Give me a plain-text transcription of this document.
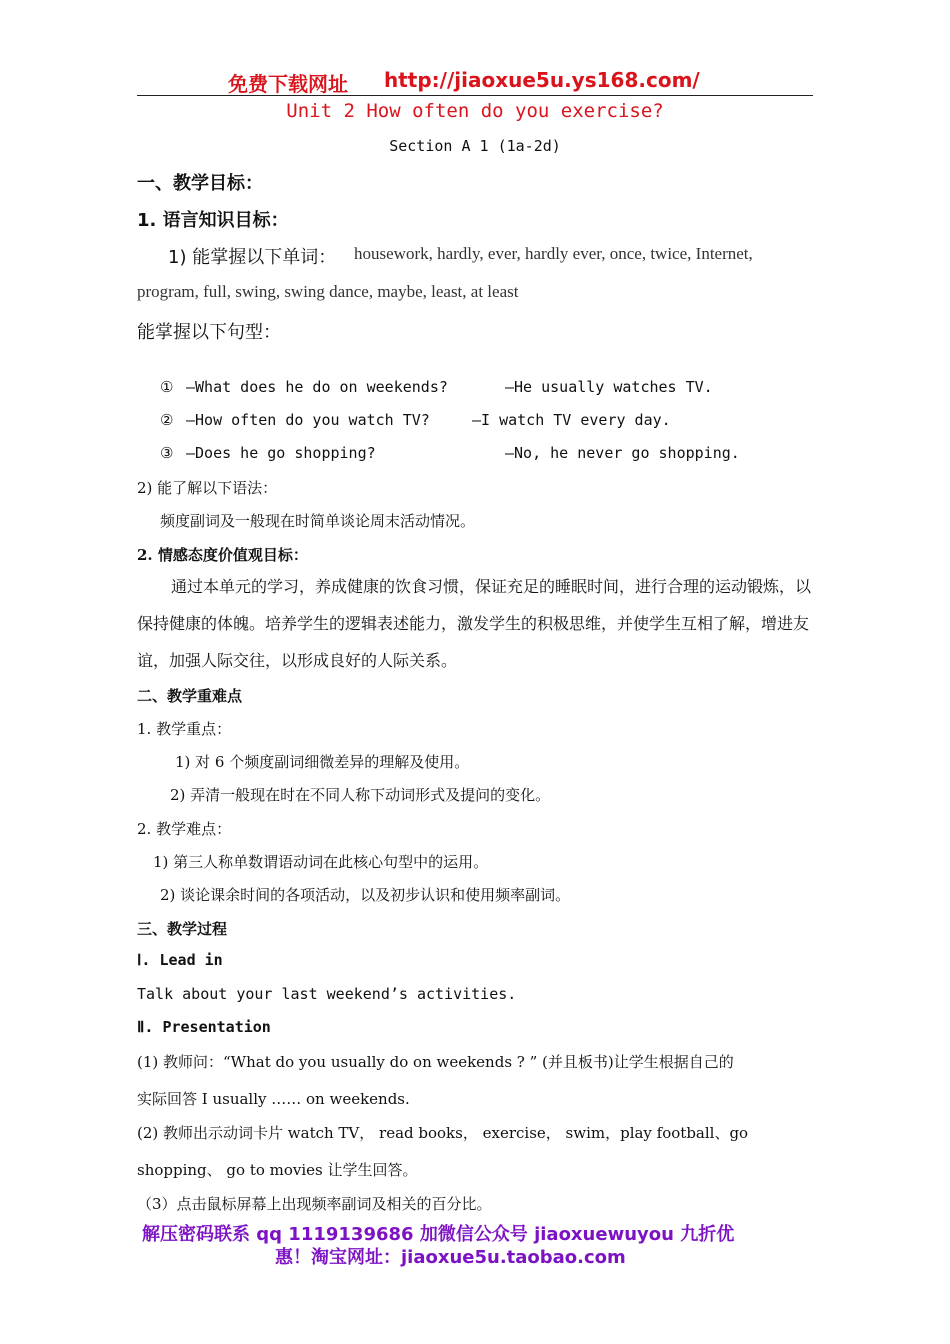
免费下载网址 http://jiaoxue5u.ys168.com/
Unit 2 How often do you exercise?
Section A 1 (1a-2d)
一、教学目标：
1. 语言知识目标：
1) 能掌握以下单词： housework, hardly, ever, hardly ever, once, twice, Internet,
program, full, swing, swing dance, maybe, least, at least
能掌握以下句型：
① —What does he do on weekends?	—He usually watches TV.
② —How often do you watch TV?	—I watch TV every day.
③ —Does he go shopping?	—No, he never go shopping.
2) 能了解以下语法：
频度副词及一般现在时简单谈论周末活动情况。
2. 情感态度价值观目标：

通过本单元的学习，养成健康的饮食习惯，保证充足的睡眠时间，进行合理的运动锻炼，以保持健康的体魄。培养学生的逻辑表述能力，激发学生的积极思维，并使学生互相了解，增进友谊，加强人际交往，以形成良好的人际关系。

二、教学重难点
1. 教学重点：
1) 对 6 个频度副词细微差异的理解及使用。
2) 弄清一般现在时在不同人称下动词形式及提问的变化。
2. 教学难点：
1) 第三人称单数谓语动词在此核心句型中的运用。
2) 谈论课余时间的各项活动，以及初步认识和使用频率副词。
三、教学过程
Ⅰ. Lead in
Talk about your last weekend’s activities.
Ⅱ. Presentation
(1) 教师问：“What do you usually do on weekends ? ” (并且板书)让学生根据自己的
实际回答 I usually …… on weekends.
(2) 教师出示动词卡片 watch TV， read books， exercise， swim，play football、go
shopping、 go to movies 让学生回答。
（3）点击鼠标屏幕上出现频率副词及相关的百分比。
解压密码联系 qq 1119139686 加微信公众号 jiaoxuewuyou 九折优
惠！淘宝网址：jiaoxue5u.taobao.com
